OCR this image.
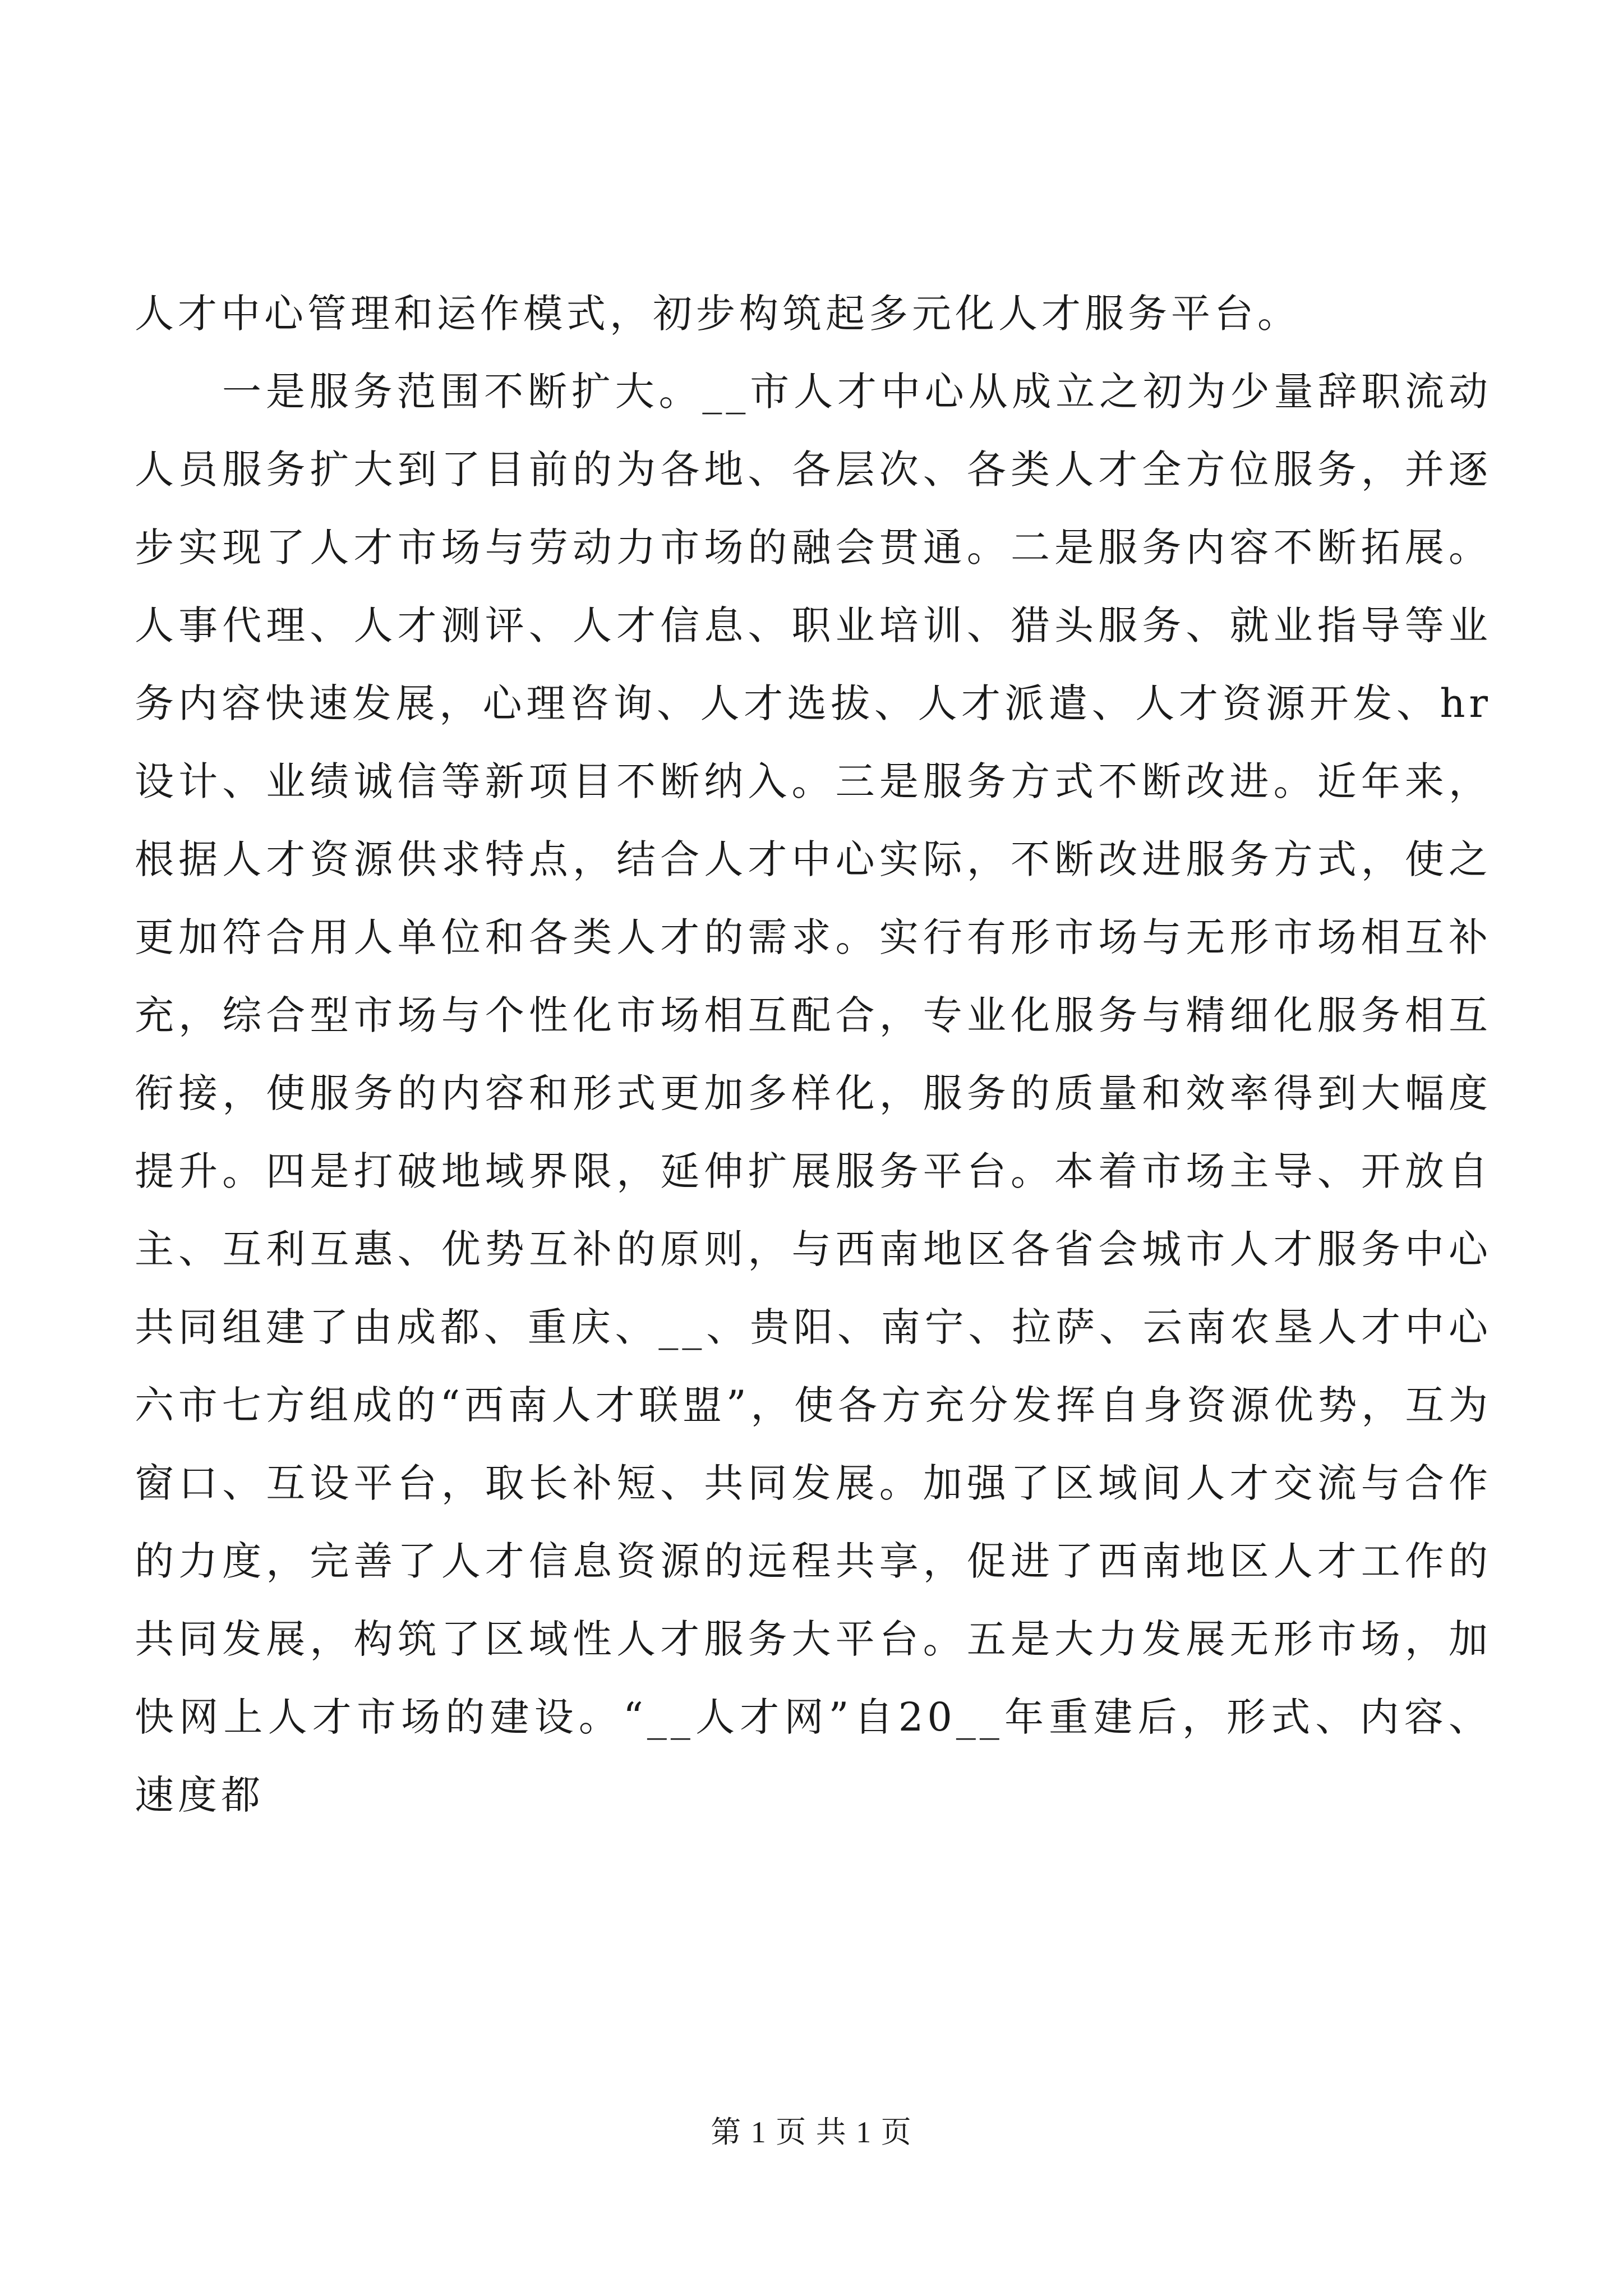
人才中心管理和运作模式，初步构筑起多元化人才服务平台。

一是服务范围不断扩大。__市人才中心从成立之初为少量辞职流动人员服务扩大到了目前的为各地、各层次、各类人才全方位服务，并逐步实现了人才市场与劳动力市场的融会贯通。二是服务内容不断拓展。人事代理、人才测评、人才信息、职业培训、猎头服务、就业指导等业务内容快速发展，心理咨询、人才选拔、人才派遣、人才资源开发、hr设计、业绩诚信等新项目不断纳入。三是服务方式不断改进。近年来，根据人才资源供求特点，结合人才中心实际，不断改进服务方式，使之更加符合用人单位和各类人才的需求。实行有形市场与无形市场相互补充，综合型市场与个性化市场相互配合，专业化服务与精细化服务相互衔接，使服务的内容和形式更加多样化，服务的质量和效率得到大幅度提升。四是打破地域界限，延伸扩展服务平台。本着市场主导、开放自主、互利互惠、优势互补的原则，与西南地区各省会城市人才服务中心共同组建了由成都、重庆、__、贵阳、南宁、拉萨、云南农垦人才中心六市七方组成的“西南人才联盟”，使各方充分发挥自身资源优势，互为窗口、互设平台，取长补短、共同发展。加强了区域间人才交流与合作的力度，完善了人才信息资源的远程共享，促进了西南地区人才工作的共同发展，构筑了区域性人才服务大平台。五是大力发展无形市场，加快网上人才市场的建设。“__人才网”自20__年重建后，形式、内容、速度都

第 1 页 共 1 页
